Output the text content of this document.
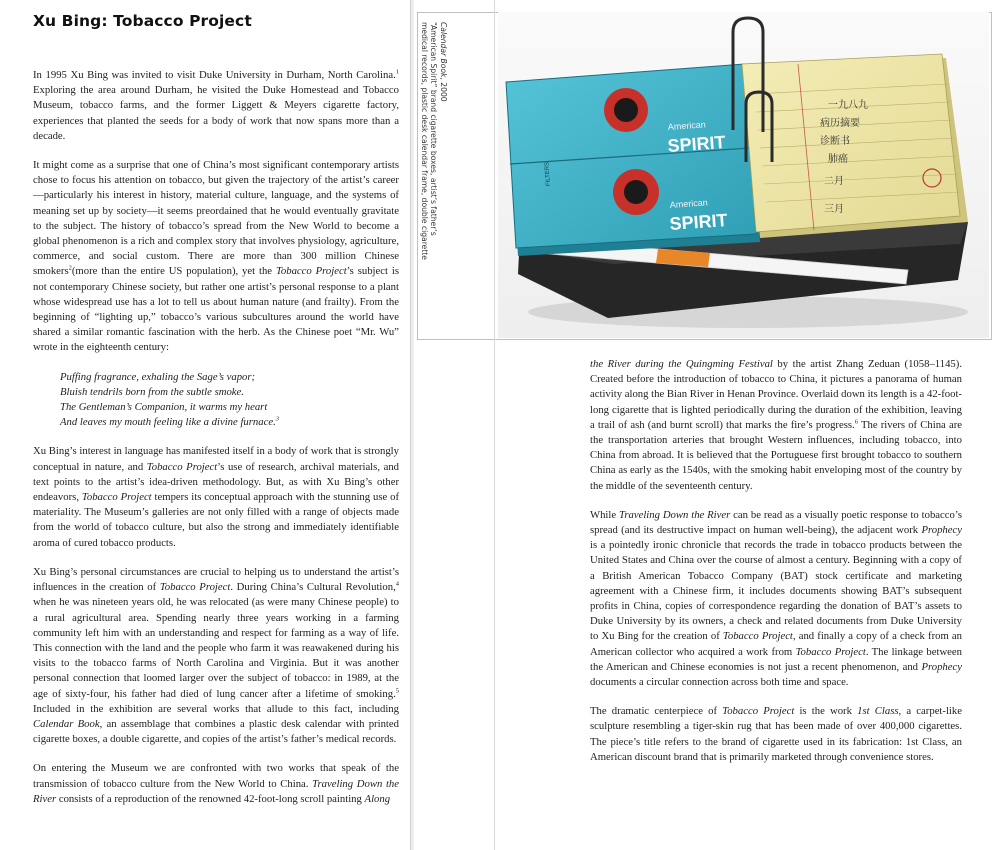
Xu Bing: Tobacco Project

In 1995 Xu Bing was invited to visit Duke University in Durham, North Carolina.$^1$ Exploring the area around Durham, he visited the Duke Homestead and Tobacco Museum, tobacco farms, and the former Liggett & Meyers cigarette factory, experiences that planted the seeds for a body of work that now spans more than a decade.

It might come as a surprise that one of China’s most significant contemporary artists chose to focus his attention on tobacco, but given the trajectory of the artist’s career—particularly his interest in history, material culture, language, and the systems of meaning set up by society—it seems preordained that he would eventually gravitate to the subject. The history of tobacco’s spread from the New World to become a global phenomenon is a rich and complex story that involves physiology, agriculture, commerce, and social custom. There are more than 300 million Chinese smokers$^2$(more than the entire US population), yet the Tobacco Project’s subject is not contemporary Chinese society, but rather one artist’s personal response to a plant whose widespread use has a lot to tell us about human nature (and frailty). From the beginning of “lighting up,” tobacco’s various subcultures around the world have shared a similar romantic fascination with the herb. As the Chinese poet “Mr. Wu” wrote in the eighteenth century:

Puffing fragrance, exhaling the Sage’s vapor;
Bluish tendrils born from the subtle smoke.
The Gentleman’s Companion, it warms my heart
And leaves my mouth feeling like a divine furnace.$^3$

Xu Bing’s interest in language has manifested itself in a body of work that is strongly conceptual in nature, and Tobacco Project’s use of research, archival materials, and text points to the artist’s idea-driven methodology. But, as with Xu Bing’s other endeavors, Tobacco Project tempers its conceptual approach with the stunning use of materiality. The Museum’s galleries are not only filled with a range of objects made from the world of tobacco culture, but also the strong and immediately identifiable aroma of cured tobacco products.

Xu Bing’s personal circumstances are crucial to helping us to understand the artist’s influences in the creation of Tobacco Project. During China’s Cultural Revolution,$^4$ when he was nineteen years old, he was relocated (as were many Chinese people) to a rural agricultural area. Spending nearly three years working in a farming community left him with an understanding and respect for farming as a way of life. This connection with the land and the people who farm it was reawakened during his visits to the tobacco farms of North Carolina and Virginia. But it was another personal connection that loomed larger over the subject of tobacco: in 1989, at the age of sixty-four, his father had died of lung cancer after a lifetime of smoking.$^5$ Included in the exhibition are several works that allude to this fact, including Calendar Book, an assemblage that combines a plastic desk calendar with printed cigarette boxes, a double cigarette, and copies of the artist’s father’s medical records.

On entering the Museum we are confronted with two works that speak of the transmission of tobacco culture from the New World to China. Traveling Down the River consists of a reproduction of the renowned 42-foot-long scroll painting Along

Calendar Book, 2000
“American Spirit” brand cigarette boxes, artist’s father’s
medical records, plastic desk calendar frame, double cigarette	American
SPIRIT
American
SPIRIT
FILTERS
一九八九
病历摘要
诊断书
肺癌
二月
三月

the River during the Quingming Festival by the artist Zhang Zeduan (1058–1145). Created before the introduction of tobacco to China, it pictures a panorama of human activity along the Bian River in Henan Province. Overlaid down its length is a 42-foot-long cigarette that is lighted periodically during the duration of the exhibition, leaving a trail of ash (and burnt scroll) that marks the fire’s progress.$^6$ The rivers of China are the transportation arteries that brought Western influences, including tobacco, into China from abroad. It is believed that the Portuguese first brought tobacco to southern China as early as the 1540s, with the smoking habit enveloping most of the country by the middle of the seventeenth century.

While Traveling Down the River can be read as a visually poetic response to tobacco’s spread (and its destructive impact on human well-being), the adjacent work Prophecy is a pointedly ironic chronicle that records the trade in tobacco products between the United States and China over the course of almost a century. Beginning with a copy of a British American Tobacco Company (BAT) stock certificate and marketing agreement with a Chinese firm, it includes documents showing BAT’s subsequent profits in China, copies of correspondence regarding the donation of BAT’s assets to Duke University by its owners, a check and related documents from Duke University to Xu Bing for the creation of Tobacco Project, and finally a copy of a check from an American collector who acquired a work from Tobacco Project. The linkage between the American and Chinese economies is not just a recent phenomenon, and Prophecy documents a circular connection across both time and space.

The dramatic centerpiece of Tobacco Project is the work 1st Class, a carpet-like sculpture resembling a tiger-skin rug that has been made of over 400,000 cigarettes. The piece’s title refers to the brand of cigarette used in its fabrication: 1st Class, an American discount brand that is primarily marketed through convenience stores.
